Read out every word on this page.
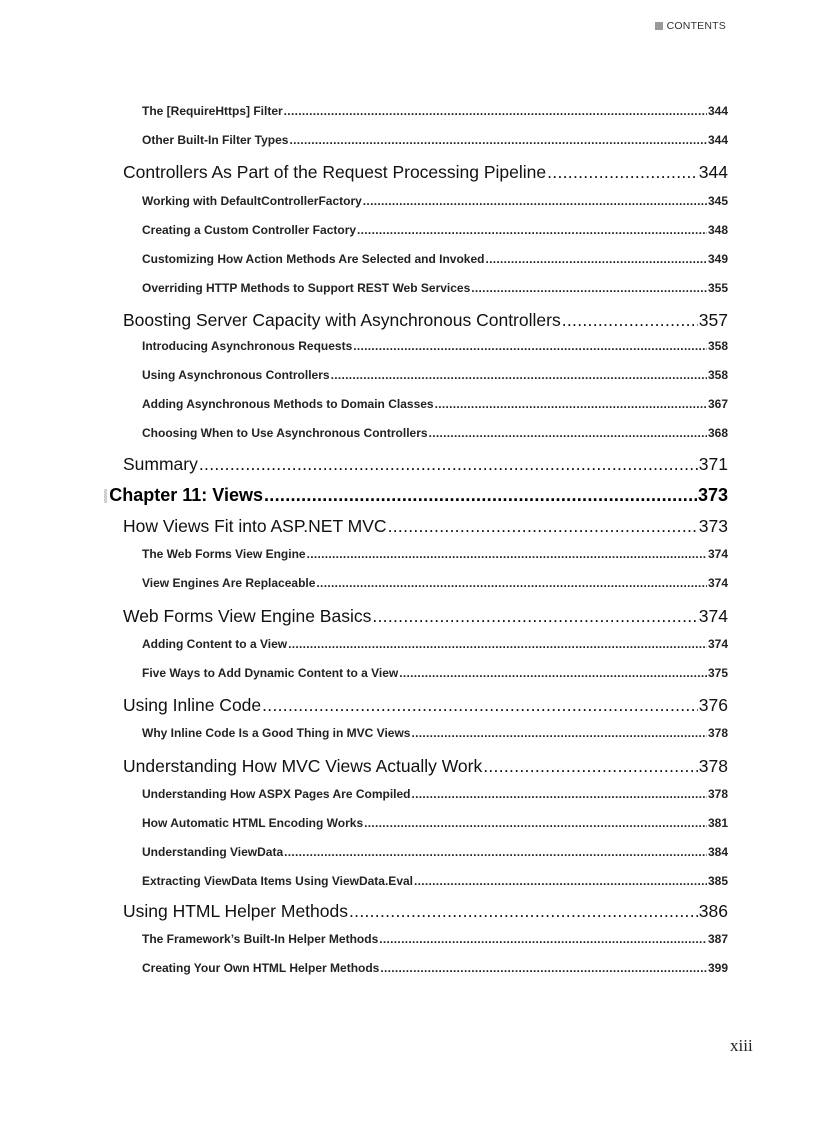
CONTENTS
The [RequireHttps] Filter .....	344
Other Built-In Filter Types .....	344
Controllers As Part of the Request Processing Pipeline .....	344
Working with DefaultControllerFactory .....	345
Creating a Custom Controller Factory .....	348
Customizing How Action Methods Are Selected and Invoked .....	349
Overriding HTTP Methods to Support REST Web Services .....	355
Boosting Server Capacity with Asynchronous Controllers .....	357
Introducing Asynchronous Requests .....	358
Using Asynchronous Controllers .....	358
Adding Asynchronous Methods to Domain Classes .....	367
Choosing When to Use Asynchronous Controllers .....	368
Summary .....	371
Chapter 11: Views .....	373
How Views Fit into ASP.NET MVC .....	373
The Web Forms View Engine .....	374
View Engines Are Replaceable .....	374
Web Forms View Engine Basics .....	374
Adding Content to a View .....	374
Five Ways to Add Dynamic Content to a View .....	375
Using Inline Code .....	376
Why Inline Code Is a Good Thing in MVC Views .....	378
Understanding How MVC Views Actually Work .....	378
Understanding How ASPX Pages Are Compiled .....	378
How Automatic HTML Encoding Works .....	381
Understanding ViewData .....	384
Extracting ViewData Items Using ViewData.Eval .....	385
Using HTML Helper Methods .....	386
The Framework’s Built-In Helper Methods .....	387
Creating Your Own HTML Helper Methods .....	399
xiii
